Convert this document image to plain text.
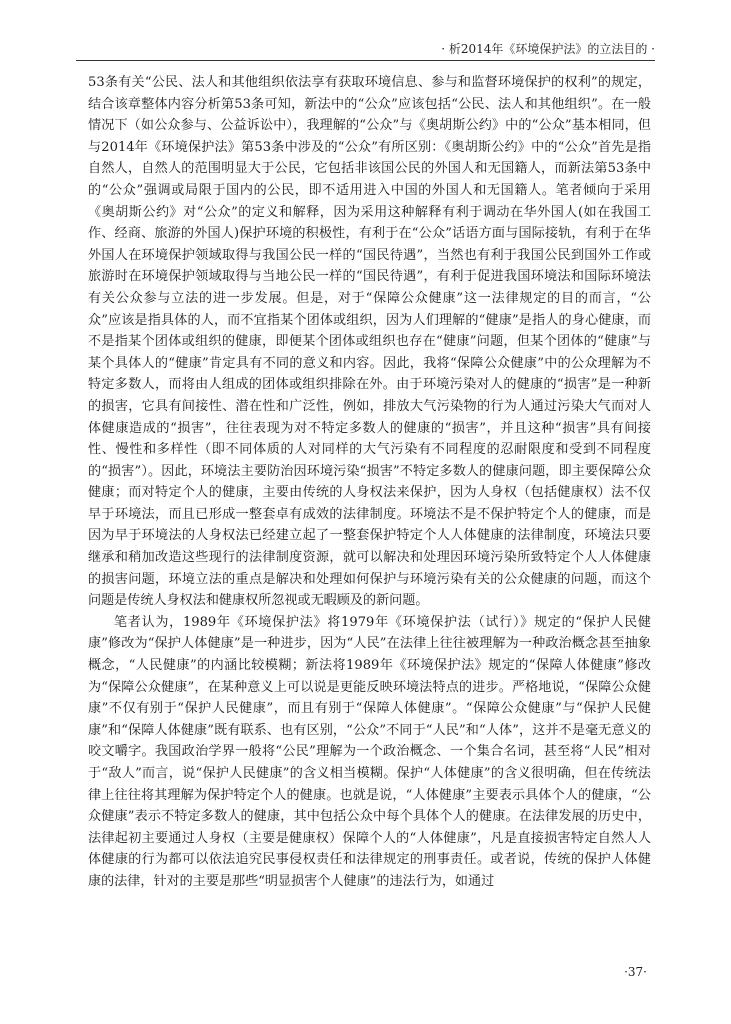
· 析2014年《环境保护法》的立法目的 ·

53条有关“公民、法人和其他组织依法享有获取环境信息、参与和监督环境保护的权利”的规定，结合该章整体内容分析第53条可知，新法中的“公众”应该包括“公民、法人和其他组织”。在一般情况下（如公众参与、公益诉讼中），我理解的“公众”与《奥胡斯公约》中的“公众”基本相同，但与2014年《环境保护法》第53条中涉及的“公众”有所区别：《奥胡斯公约》中的“公众”首先是指自然人，自然人的范围明显大于公民，它包括非该国公民的外国人和无国籍人，而新法第53条中的“公众”强调或局限于国内的公民，即不适用进入中国的外国人和无国籍人。笔者倾向于采用《奥胡斯公约》对“公众”的定义和解释，因为采用这种解释有利于调动在华外国人(如在我国工作、经商、旅游的外国人)保护环境的积极性，有利于在“公众”话语方面与国际接轨，有利于在华外国人在环境保护领域取得与我国公民一样的“国民待遇”，当然也有利于我国公民到国外工作或旅游时在环境保护领域取得与当地公民一样的“国民待遇”，有利于促进我国环境法和国际环境法有关公众参与立法的进一步发展。但是，对于“保障公众健康”这一法律规定的目的而言，“公众”应该是指具体的人，而不宜指某个团体或组织，因为人们理解的“健康”是指人的身心健康，而不是指某个团体或组织的健康，即便某个团体或组织也存在“健康”问题，但某个团体的“健康”与某个具体人的“健康”肯定具有不同的意义和内容。因此，我将“保障公众健康”中的公众理解为不特定多数人，而将由人组成的团体或组织排除在外。由于环境污染对人的健康的“损害”是一种新的损害，它具有间接性、潜在性和广泛性，例如，排放大气污染物的行为人通过污染大气而对人体健康造成的“损害”，往往表现为对不特定多数人的健康的“损害”，并且这种“损害”具有间接性、慢性和多样性（即不同体质的人对同样的大气污染有不同程度的忍耐限度和受到不同程度的“损害”）。因此，环境法主要防治因环境污染“损害”不特定多数人的健康问题，即主要保障公众健康；而对特定个人的健康，主要由传统的人身权法来保护，因为人身权（包括健康权）法不仅早于环境法，而且已形成一整套卓有成效的法律制度。环境法不是不保护特定个人的健康，而是因为早于环境法的人身权法已经建立起了一整套保护特定个人人体健康的法律制度，环境法只要继承和稍加改造这些现行的法律制度资源，就可以解决和处理因环境污染所致特定个人人体健康的损害问题，环境立法的重点是解决和处理如何保护与环境污染有关的公众健康的问题，而这个问题是传统人身权法和健康权所忽视或无暇顾及的新问题。

笔者认为，1989年《环境保护法》将1979年《环境保护法（试行）》规定的“保护人民健康”修改为“保护人体健康”是一种进步，因为“人民”在法律上往往被理解为一种政治概念甚至抽象概念，“人民健康”的内涵比较模糊；新法将1989年《环境保护法》规定的“保障人体健康”修改为“保障公众健康”，在某种意义上可以说是更能反映环境法特点的进步。严格地说，“保障公众健康”不仅有别于“保护人民健康”，而且有别于“保障人体健康”。“保障公众健康”与“保护人民健康”和“保障人体健康”既有联系、也有区别，“公众”不同于“人民”和“人体”，这并不是毫无意义的咬文嚼字。我国政治学界一般将“公民”理解为一个政治概念、一个集合名词，甚至将“人民”相对于“敌人”而言，说“保护人民健康”的含义相当模糊。保护“人体健康”的含义很明确，但在传统法律上往往将其理解为保护特定个人的健康。也就是说，“人体健康”主要表示具体个人的健康，“公众健康”表示不特定多数人的健康，其中包括公众中每个具体个人的健康。在法律发展的历史中，法律起初主要通过人身权（主要是健康权）保障个人的“人体健康”，凡是直接损害特定自然人人体健康的行为都可以依法追究民事侵权责任和法律规定的刑事责任。或者说，传统的保护人体健康的法律，针对的主要是那些“明显损害个人健康”的违法行为，如通过

·37·
